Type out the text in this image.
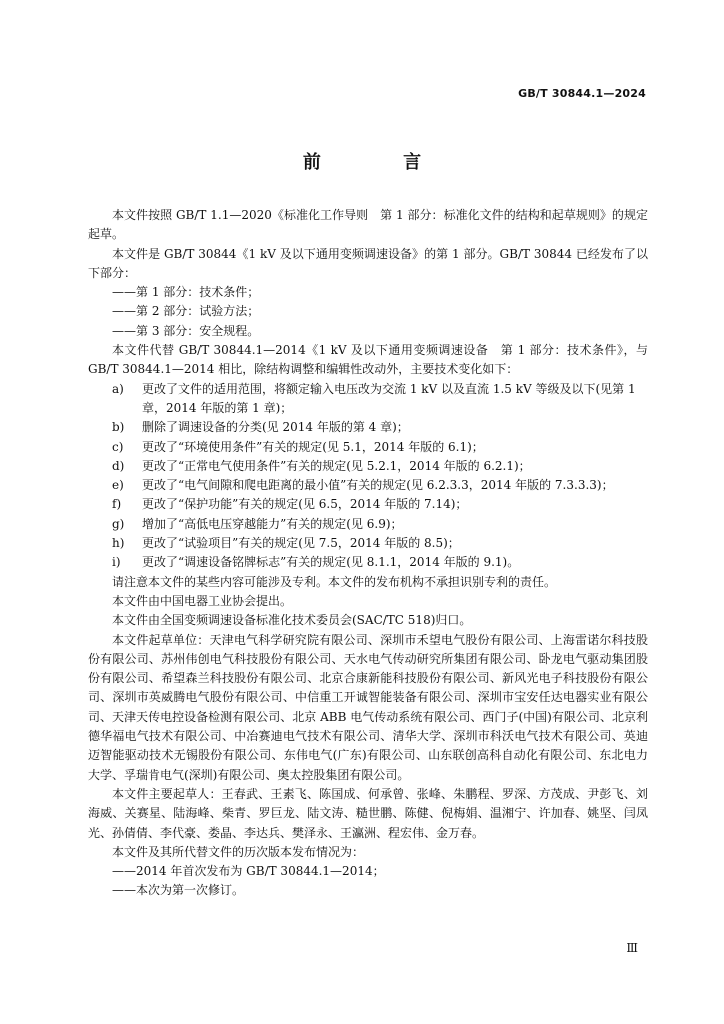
GB/T 30844.1—2024
前 言

本文件按照 GB/T 1.1—2020《标准化工作导则　第 1 部分：标准化文件的结构和起草规则》的规定起草。

本文件是 GB/T 30844《1 kV 及以下通用变频调速设备》的第 1 部分。GB/T 30844 已经发布了以下部分：

——第 1 部分：技术条件；

——第 2 部分：试验方法；

——第 3 部分：安全规程。

本文件代替 GB/T 30844.1—2014《1 kV 及以下通用变频调速设备　第 1 部分：技术条件》，与 GB/T 30844.1—2014 相比，除结构调整和编辑性改动外，主要技术变化如下：

a)	更改了文件的适用范围，将额定输入电压改为交流 1 kV 以及直流 1.5 kV 等级及以下(见第 1 章，2014 年版的第 1 章)；
b)	删除了调速设备的分类(见 2014 年版的第 4 章)；
c)	更改了“环境使用条件”有关的规定(见 5.1，2014 年版的 6.1)；
d)	更改了“正常电气使用条件”有关的规定(见 5.2.1，2014 年版的 6.2.1)；
e)	更改了“电气间隙和爬电距离的最小值”有关的规定(见 6.2.3.3，2014 年版的 7.3.3.3)；
f)	更改了“保护功能”有关的规定(见 6.5，2014 年版的 7.14)；
g)	增加了“高低电压穿越能力”有关的规定(见 6.9)；
h)	更改了“试验项目”有关的规定(见 7.5，2014 年版的 8.5)；
i)	更改了“调速设备铭牌标志”有关的规定(见 8.1.1，2014 年版的 9.1)。

请注意本文件的某些内容可能涉及专利。本文件的发布机构不承担识别专利的责任。

本文件由中国电器工业协会提出。

本文件由全国变频调速设备标准化技术委员会(SAC/TC 518)归口。

本文件起草单位：天津电气科学研究院有限公司、深圳市禾望电气股份有限公司、上海雷诺尔科技股份有限公司、苏州伟创电气科技股份有限公司、天水电气传动研究所集团有限公司、卧龙电气驱动集团股份有限公司、希望森兰科技股份有限公司、北京合康新能科技股份有限公司、新风光电子科技股份有限公司、深圳市英威腾电气股份有限公司、中信重工开诚智能装备有限公司、深圳市宝安任达电器实业有限公司、天津天传电控设备检测有限公司、北京 ABB 电气传动系统有限公司、西门子(中国)有限公司、北京利德华福电气技术有限公司、中冶赛迪电气技术有限公司、清华大学、深圳市科沃电气技术有限公司、英迪迈智能驱动技术无锡股份有限公司、东伟电气(广东)有限公司、山东联创高科自动化有限公司、东北电力大学、孚瑞肯电气(深圳)有限公司、奥太控股集团有限公司。

本文件主要起草人：王春武、王素飞、陈国成、何承曾、张峰、朱鹏程、罗深、方茂成、尹彭飞、刘海威、关赛星、陆海峰、柴青、罗巨龙、陆文涛、糙世鹏、陈健、倪梅娟、温湘宁、许加春、姚坚、闫凤光、孙倩倩、李代豪、娄晶、李达兵、樊泽永、王瀛洲、程宏伟、金万春。

本文件及其所代替文件的历次版本发布情况为：

——2014 年首次发布为 GB/T 30844.1—2014；

——本次为第一次修订。

Ⅲ
